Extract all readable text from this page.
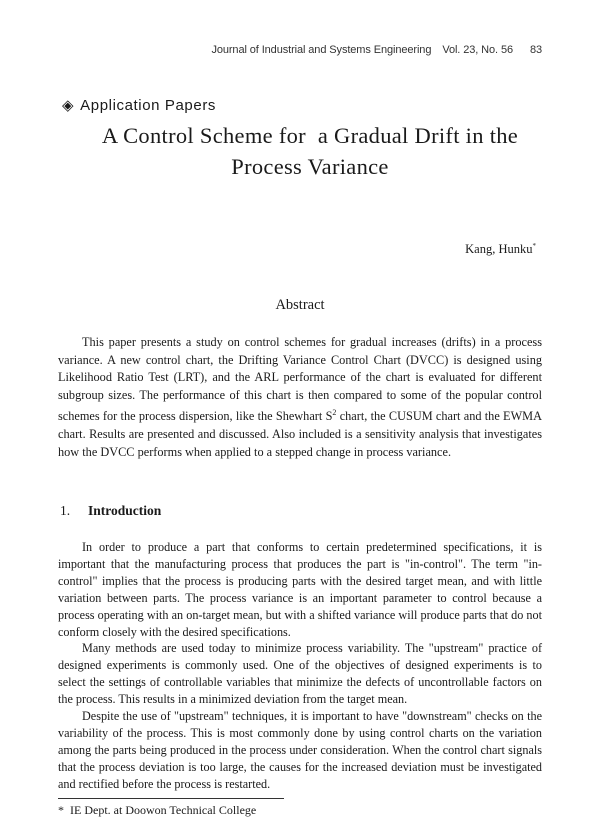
Journal of Industrial and Systems Engineering Vol. 23, No. 56 83
◈ Application Papers
A Control Scheme for  a Gradual Drift in the
Process Variance
Kang, Hunku*
Abstract

This paper presents a study on control schemes for gradual increases (drifts) in a process variance. A new control chart, the Drifting Variance Control Chart (DVCC) is designed using Likelihood Ratio Test (LRT), and the ARL performance of the chart is evaluated for different subgroup sizes. The performance of this chart is then compared to some of the popular control schemes for the process dispersion, like the Shewhart $S^2$ chart, the CUSUM chart and the EWMA chart. Results are presented and discussed. Also included is a sensitivity analysis that investigates how the DVCC performs when applied to a stepped change in process variance.

1. Introduction

In order to produce a part that conforms to certain predetermined specifications, it is important that the manufacturing process that produces the part is "in-control". The term "in-control" implies that the process is producing parts with the desired target mean, and with little variation between parts. The process variance is an important parameter to control because a process operating with an on-target mean, but with a shifted variance will produce parts that do not conform closely with the desired specifications.

Many methods are used today to minimize process variability. The "upstream" practice of designed experiments is commonly used. One of the objectives of designed experiments is to select the settings of controllable variables that minimize the defects of uncontrollable factors on the process. This results in a minimized deviation from the target mean.

Despite the use of "upstream" techniques, it is important to have "downstream" checks on the variability of the process. This is most commonly done by using control charts on the variation among the parts being produced in the process under consideration. When the control chart signals that the process deviation is too large, the causes for the increased deviation must be investigated and rectified before the process is restarted.

* IE Dept. at Doowon Technical College
